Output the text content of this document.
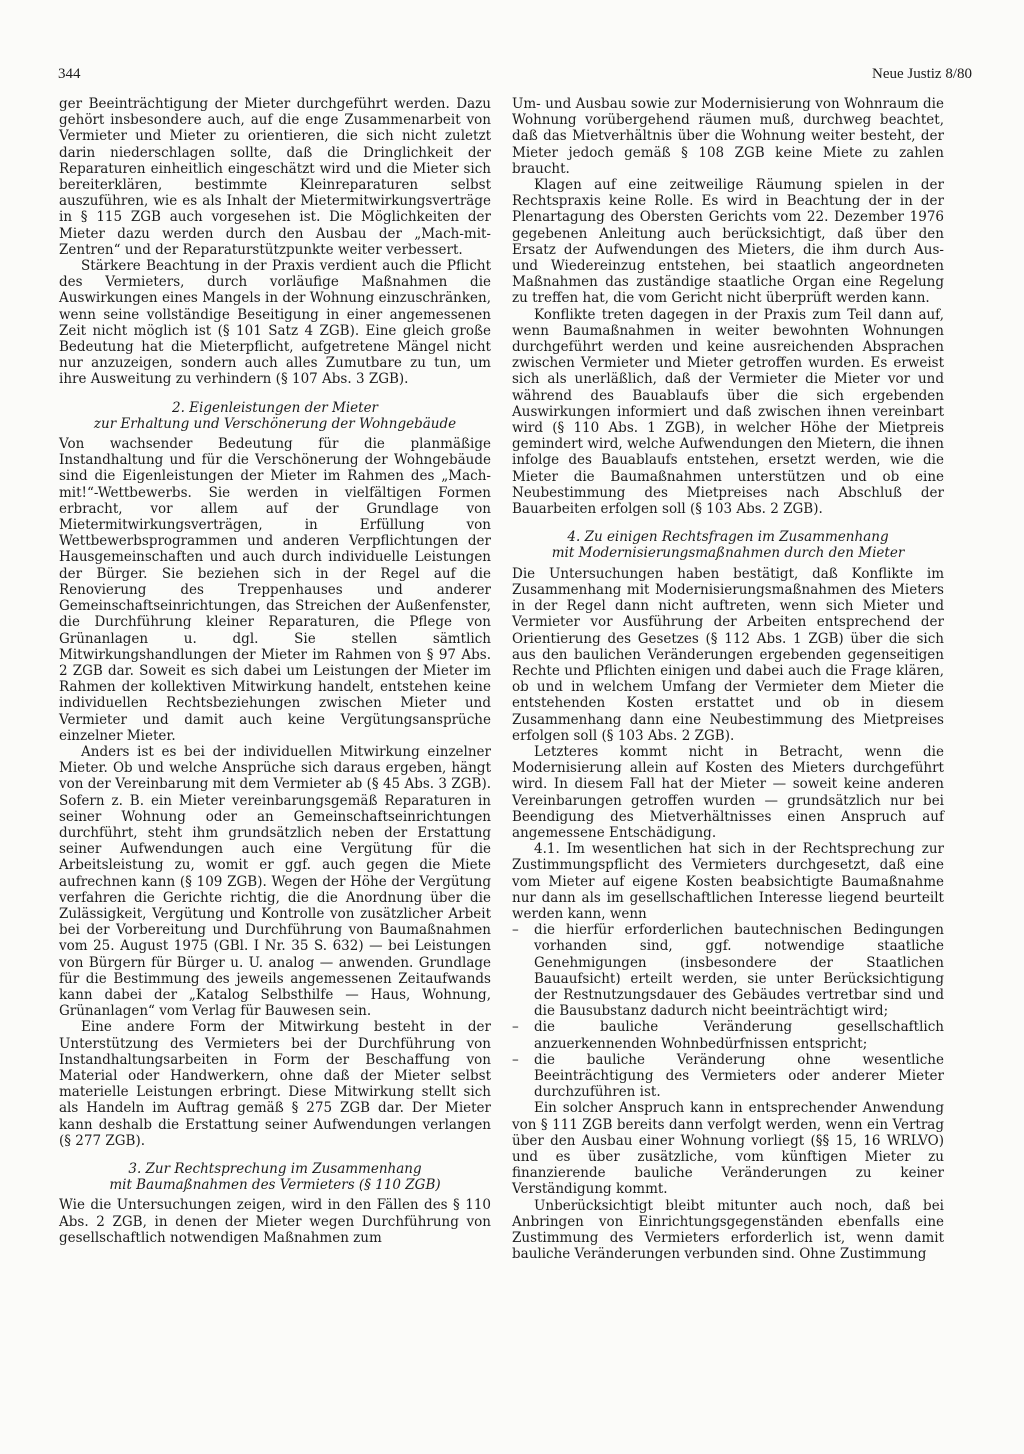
344	Neue Justiz 8/80

ger Beeinträchtigung der Mieter durchgeführt werden. Dazu gehört insbesondere auch, auf die enge Zusammenarbeit von Vermieter und Mieter zu orientieren, die sich nicht zuletzt darin niederschlagen sollte, daß die Dringlichkeit der Reparaturen einheitlich eingeschätzt wird und die Mieter sich bereiterklären, bestimmte Kleinreparaturen selbst auszuführen, wie es als Inhalt der Mietermitwirkungsverträge in § 115 ZGB auch vorgesehen ist. Die Möglichkeiten der Mieter dazu werden durch den Ausbau der „Mach-mit-Zentren“ und der Reparaturstützpunkte weiter verbessert.

Stärkere Beachtung in der Praxis verdient auch die Pflicht des Vermieters, durch vorläufige Maßnahmen die Auswirkungen eines Mangels in der Wohnung einzuschränken, wenn seine vollständige Beseitigung in einer angemessenen Zeit nicht möglich ist (§ 101 Satz 4 ZGB). Eine gleich große Bedeutung hat die Mieterpflicht, aufgetretene Mängel nicht nur anzuzeigen, sondern auch alles Zumutbare zu tun, um ihre Ausweitung zu verhindern (§ 107 Abs. 3 ZGB).

2. Eigenleistungen der Mieter
zur Erhaltung und Verschönerung der Wohngebäude

Von wachsender Bedeutung für die planmäßige Instandhaltung und für die Verschönerung der Wohngebäude sind die Eigenleistungen der Mieter im Rahmen des „Mach-mit!“-Wettbewerbs. Sie werden in vielfältigen Formen erbracht, vor allem auf der Grundlage von Mietermitwirkungsverträgen, in Erfüllung von Wettbewerbsprogrammen und anderen Verpflichtungen der Hausgemeinschaften und auch durch individuelle Leistungen der Bürger. Sie beziehen sich in der Regel auf die Renovierung des Treppenhauses und anderer Gemeinschaftseinrichtungen, das Streichen der Außenfenster, die Durchführung kleiner Reparaturen, die Pflege von Grünanlagen u. dgl. Sie stellen sämtlich Mitwirkungshandlungen der Mieter im Rahmen von § 97 Abs. 2 ZGB dar. Soweit es sich dabei um Leistungen der Mieter im Rahmen der kollektiven Mitwirkung handelt, entstehen keine individuellen Rechtsbeziehungen zwischen Mieter und Vermieter und damit auch keine Vergütungsansprüche einzelner Mieter.

Anders ist es bei der individuellen Mitwirkung einzelner Mieter. Ob und welche Ansprüche sich daraus ergeben, hängt von der Vereinbarung mit dem Vermieter ab (§ 45 Abs. 3 ZGB). Sofern z. B. ein Mieter vereinbarungsgemäß Reparaturen in seiner Wohnung oder an Gemeinschaftseinrichtungen durchführt, steht ihm grundsätzlich neben der Erstattung seiner Aufwendungen auch eine Vergütung für die Arbeitsleistung zu, womit er ggf. auch gegen die Miete aufrechnen kann (§ 109 ZGB). Wegen der Höhe der Vergütung verfahren die Gerichte richtig, die die Anordnung über die Zulässigkeit, Vergütung und Kontrolle von zusätzlicher Arbeit bei der Vorbereitung und Durchführung von Baumaßnahmen vom 25. August 1975 (GBl. I Nr. 35 S. 632) — bei Leistungen von Bürgern für Bürger u. U. analog — anwenden. Grundlage für die Bestimmung des jeweils angemessenen Zeitaufwands kann dabei der „Katalog Selbsthilfe — Haus, Wohnung, Grünanlagen“ vom Verlag für Bauwesen sein.

Eine andere Form der Mitwirkung besteht in der Unterstützung des Vermieters bei der Durchführung von Instandhaltungsarbeiten in Form der Beschaffung von Material oder Handwerkern, ohne daß der Mieter selbst materielle Leistungen erbringt. Diese Mitwirkung stellt sich als Handeln im Auftrag gemäß § 275 ZGB dar. Der Mieter kann deshalb die Erstattung seiner Aufwendungen verlangen (§ 277 ZGB).

3. Zur Rechtsprechung im Zusammenhang
mit Baumaßnahmen des Vermieters (§ 110 ZGB)

Wie die Untersuchungen zeigen, wird in den Fällen des § 110 Abs. 2 ZGB, in denen der Mieter wegen Durchführung von gesellschaftlich notwendigen Maßnahmen zum

Um- und Ausbau sowie zur Modernisierung von Wohnraum die Wohnung vorübergehend räumen muß, durchweg beachtet, daß das Mietverhältnis über die Wohnung weiter besteht, der Mieter jedoch gemäß § 108 ZGB keine Miete zu zahlen braucht.

Klagen auf eine zeitweilige Räumung spielen in der Rechtspraxis keine Rolle. Es wird in Beachtung der in der Plenartagung des Obersten Gerichts vom 22. Dezember 1976 gegebenen Anleitung auch berücksichtigt, daß über den Ersatz der Aufwendungen des Mieters, die ihm durch Aus- und Wiedereinzug entstehen, bei staatlich angeordneten Maßnahmen das zuständige staatliche Organ eine Regelung zu treffen hat, die vom Gericht nicht überprüft werden kann.

Konflikte treten dagegen in der Praxis zum Teil dann auf, wenn Baumaßnahmen in weiter bewohnten Wohnungen durchgeführt werden und keine ausreichenden Absprachen zwischen Vermieter und Mieter getroffen wurden. Es erweist sich als unerläßlich, daß der Vermieter die Mieter vor und während des Bauablaufs über die sich ergebenden Auswirkungen informiert und daß zwischen ihnen vereinbart wird (§ 110 Abs. 1 ZGB), in welcher Höhe der Mietpreis gemindert wird, welche Aufwendungen den Mietern, die ihnen infolge des Bauablaufs entstehen, ersetzt werden, wie die Mieter die Baumaßnahmen unterstützen und ob eine Neubestimmung des Mietpreises nach Abschluß der Bauarbeiten erfolgen soll (§ 103 Abs. 2 ZGB).

4. Zu einigen Rechtsfragen im Zusammenhang
mit Modernisierungsmaßnahmen durch den Mieter

Die Untersuchungen haben bestätigt, daß Konflikte im Zusammenhang mit Modernisierungsmaßnahmen des Mieters in der Regel dann nicht auftreten, wenn sich Mieter und Vermieter vor Ausführung der Arbeiten entsprechend der Orientierung des Gesetzes (§ 112 Abs. 1 ZGB) über die sich aus den baulichen Veränderungen ergebenden gegenseitigen Rechte und Pflichten einigen und dabei auch die Frage klären, ob und in welchem Umfang der Vermieter dem Mieter die entstehenden Kosten erstattet und ob in diesem Zusammenhang dann eine Neubestimmung des Mietpreises erfolgen soll (§ 103 Abs. 2 ZGB).

Letzteres kommt nicht in Betracht, wenn die Modernisierung allein auf Kosten des Mieters durchgeführt wird. In diesem Fall hat der Mieter — soweit keine anderen Vereinbarungen getroffen wurden — grundsätzlich nur bei Beendigung des Mietverhältnisses einen Anspruch auf angemessene Entschädigung.

4.1. Im wesentlichen hat sich in der Rechtsprechung zur Zustimmungspflicht des Vermieters durchgesetzt, daß eine vom Mieter auf eigene Kosten beabsichtigte Baumaßnahme nur dann als im gesellschaftlichen Interesse liegend beurteilt werden kann, wenn

– die hierfür erforderlichen bautechnischen Bedingungen vorhanden sind, ggf. notwendige staatliche Genehmigungen (insbesondere der Staatlichen Bauaufsicht) erteilt werden, sie unter Berücksichtigung der Restnutzungsdauer des Gebäudes vertretbar sind und die Bausubstanz dadurch nicht beeinträchtigt wird;
– die bauliche Veränderung gesellschaftlich anzuerkennenden Wohnbedürfnissen entspricht;
– die bauliche Veränderung ohne wesentliche Beeinträchtigung des Vermieters oder anderer Mieter durchzuführen ist.

Ein solcher Anspruch kann in entsprechender Anwendung von § 111 ZGB bereits dann verfolgt werden, wenn ein Vertrag über den Ausbau einer Wohnung vorliegt (§§ 15, 16 WRLVO) und es über zusätzliche, vom künftigen Mieter zu finanzierende bauliche Veränderungen zu keiner Verständigung kommt.

Unberücksichtigt bleibt mitunter auch noch, daß bei Anbringen von Einrichtungsgegenständen ebenfalls eine Zustimmung des Vermieters erforderlich ist, wenn damit bauliche Veränderungen verbunden sind. Ohne Zustimmung
